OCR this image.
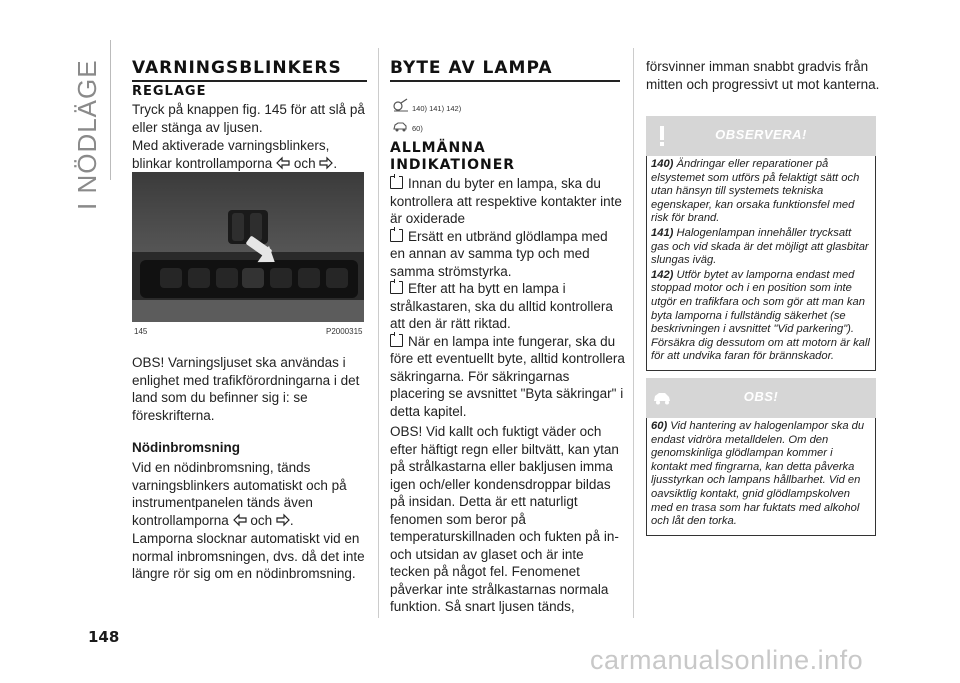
I NÖDLÄGE VARNINGSBLINKERS
REGLAGE
Tryck på knappen fig. 145 för att slå på eller stänga av ljusen.
Med aktiverade varningsblinkers, blinkar kontrollamporna och .
145	P2000315
OBS! Varningsljuset ska användas i enlighet med trafikförordningarna i det land som du befinner sig i: se föreskrifterna.
Nödinbromsning
Vid en nödinbromsning, tänds varningsblinkers automatiskt och på instrumentpanelen tänds även kontrollamporna och .
Lamporna slocknar automatiskt vid en normal inbromsningen, dvs. då det inte längre rör sig om en nödinbromsning.
BYTE AV LAMPA
140) 141) 142)
60)
ALLMÄNNA INDIKATIONER
Innan du byter en lampa, ska du kontrollera att respektive kontakter inte är oxiderade
Ersätt en utbränd glödlampa med en annan av samma typ och med samma strömstyrka.
Efter att ha bytt en lampa i strålkastaren, ska du alltid kontrollera att den är rätt riktad.
När en lampa inte fungerar, ska du före ett eventuellt byte, alltid kontrollera säkringarna. För säkringarnas placering se avsnittet "Byta säkringar" i detta kapitel.
OBS! Vid kallt och fuktigt väder och efter häftigt regn eller biltvätt, kan ytan på strålkastarna eller bakljusen imma igen och/eller kondensdroppar bildas på insidan. Detta är ett naturligt fenomen som beror på temperaturskillnaden och fukten på in- och utsidan av glaset och är inte tecken på något fel. Fenomenet påverkar inte strålkastarnas normala funktion. Så snart ljusen tänds,
försvinner imman snabbt gradvis från mitten och progressivt ut mot kanterna.
OBSERVERA!
140) Ändringar eller reparationer på elsystemet som utförs på felaktigt sätt och utan hänsyn till systemets tekniska egenskaper, kan orsaka funktionsfel med risk för brand.
141) Halogenlampan innehåller trycksatt gas och vid skada är det möjligt att glasbitar slungas iväg.
142) Utför bytet av lamporna endast med stoppad motor och i en position som inte utgör en trafikfara och som gör att man kan byta lamporna i fullständig säkerhet (se beskrivningen i avsnittet "Vid parkering"). Försäkra dig dessutom om att motorn är kall för att undvika faran för brännskador.
OBS!
60) Vid hantering av halogenlampor ska du endast vidröra metalldelen. Om den genomskinliga glödlampan kommer i kontakt med fingrarna, kan detta påverka ljusstyrkan och lampans hållbarhet. Vid en oavsiktlig kontakt, gnid glödlampskolven med en trasa som har fuktats med alkohol och låt den torka.
148
carmanualsonline.info
